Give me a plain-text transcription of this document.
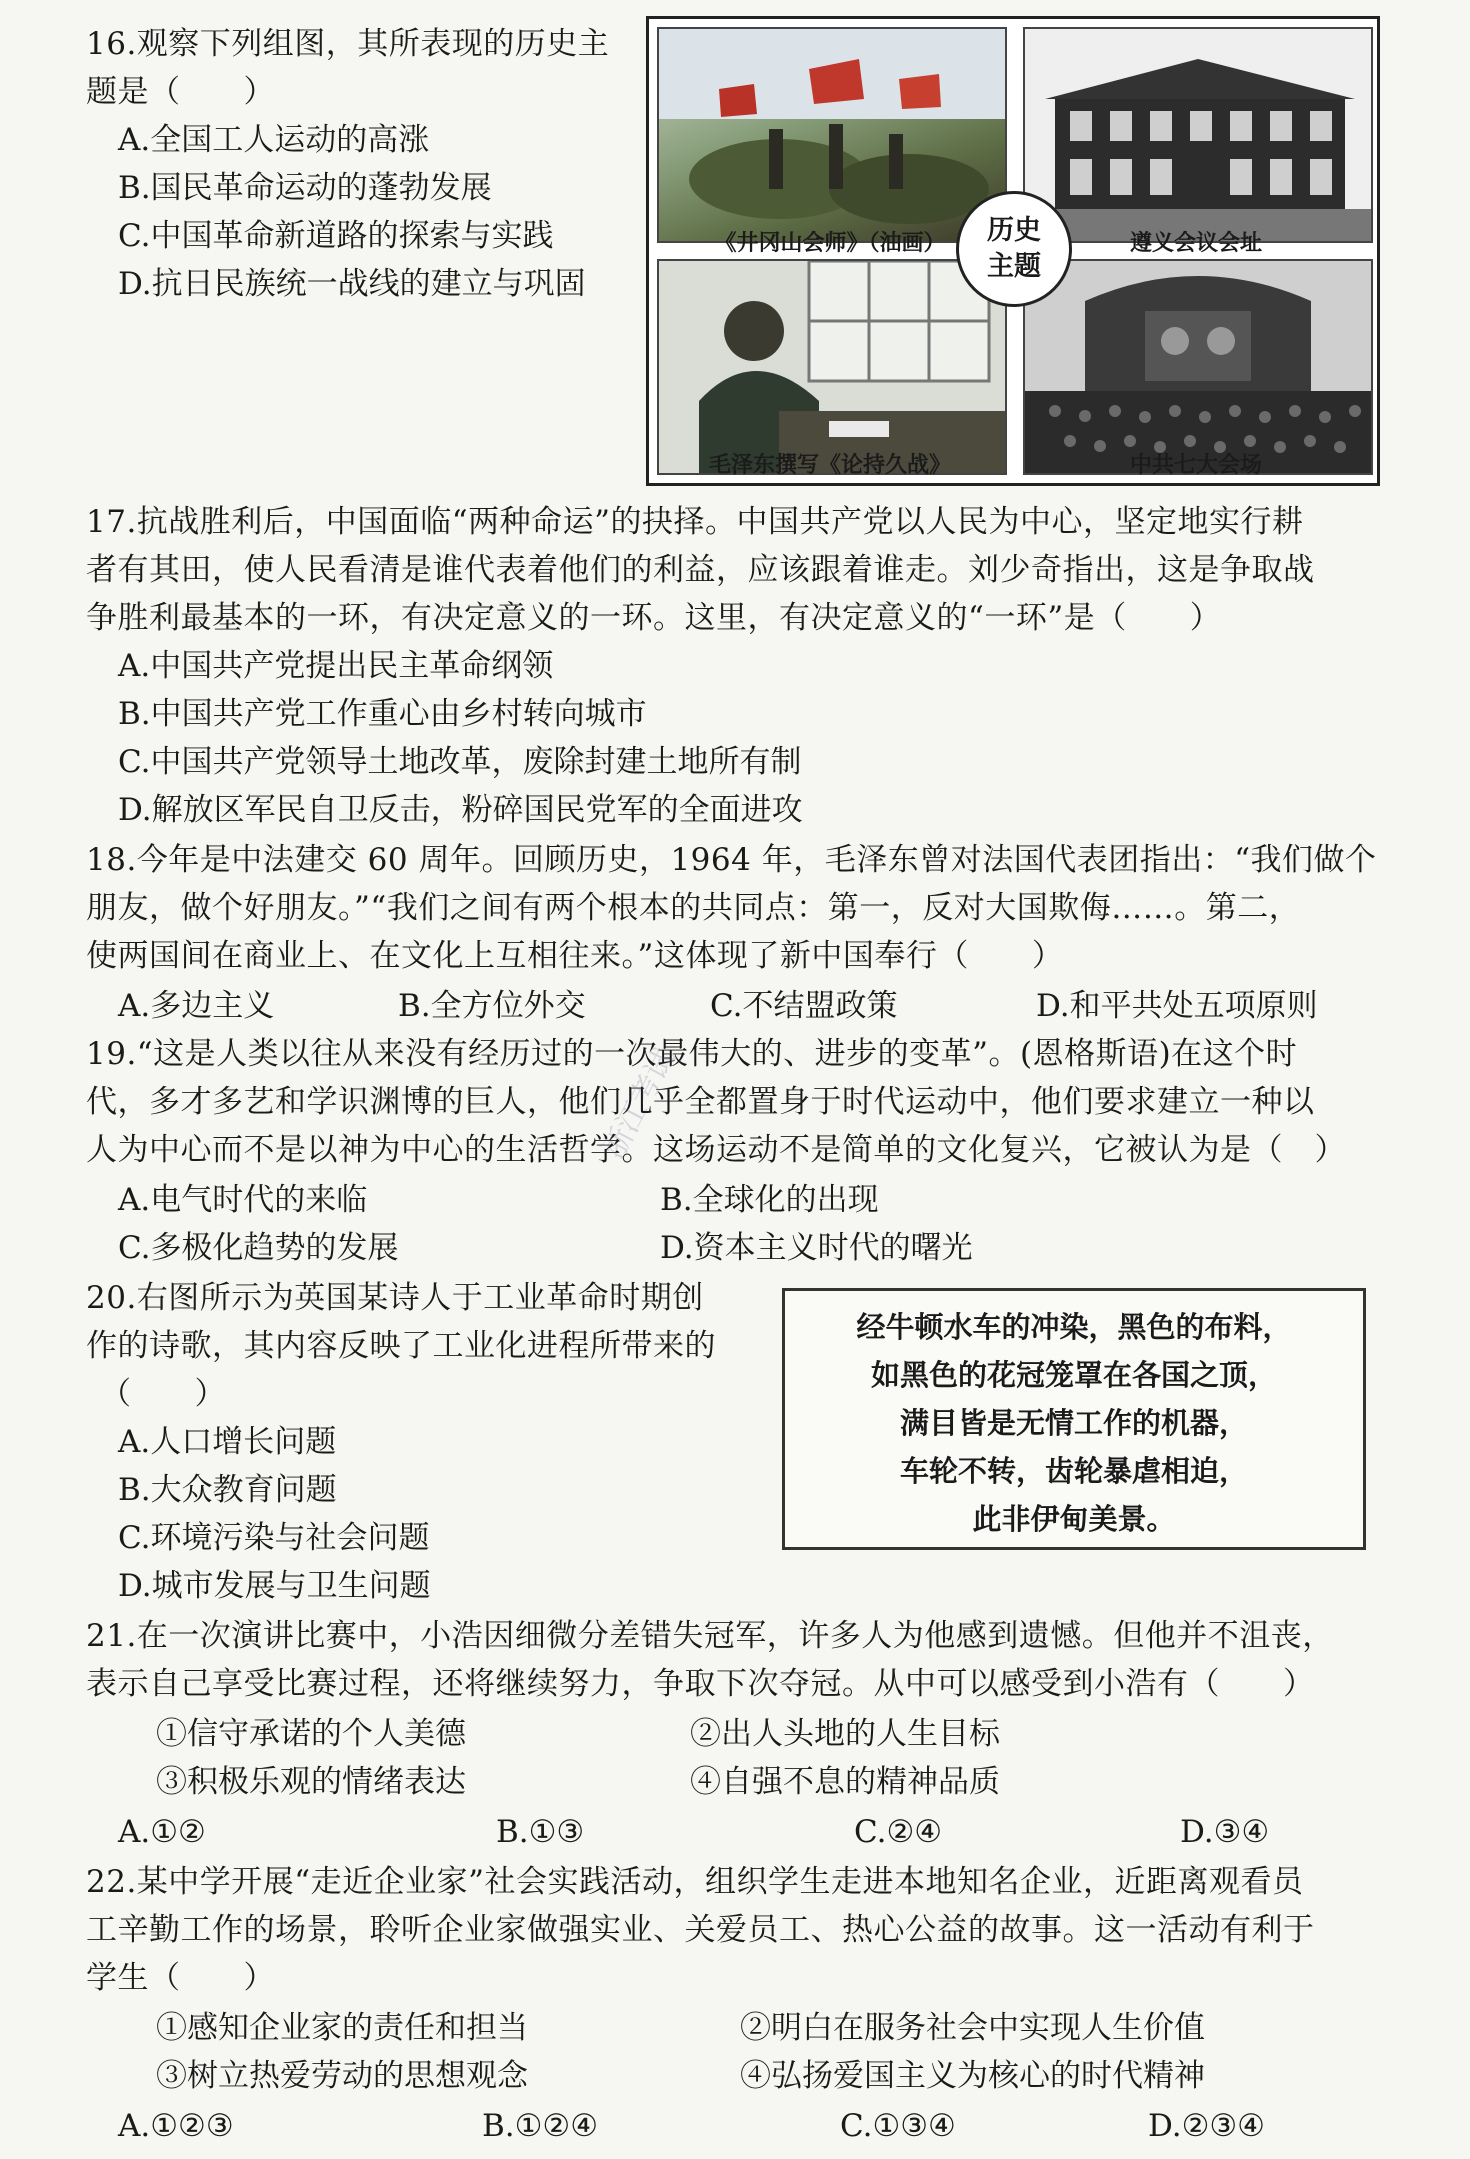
16.观察下列组图，其所表现的历史主
题是（　　）
A.全国工人运动的高涨
B.国民革命运动的蓬勃发展
C.中国革命新道路的探索与实践
D.抗日民族统一战线的建立与巩固
《井冈山会师》（油画）	遵义会议会址
毛泽东撰写《论持久战》	中共七大会场
历史
主题
17.抗战胜利后，中国面临“两种命运”的抉择。中国共产党以人民为中心，坚定地实行耕
者有其田，使人民看清是谁代表着他们的利益，应该跟着谁走。刘少奇指出，这是争取战
争胜利最基本的一环，有决定意义的一环。这里，有决定意义的“一环”是（　　）
A.中国共产党提出民主革命纲领
B.中国共产党工作重心由乡村转向城市
C.中国共产党领导土地改革，废除封建土地所有制
D.解放区军民自卫反击，粉碎国民党军的全面进攻
18.今年是中法建交 60 周年。回顾历史，1964 年，毛泽东曾对法国代表团指出：“我们做个
朋友，做个好朋友。”“我们之间有两个根本的共同点：第一，反对大国欺侮……。第二，
使两国间在商业上、在文化上互相往来。”这体现了新中国奉行（　　）
A.多边主义	B.全方位外交	C.不结盟政策	D.和平共处五项原则
19.“这是人类以往从来没有经历过的一次最伟大的、进步的变革”。(恩格斯语)在这个时
代，多才多艺和学识渊博的巨人，他们几乎全都置身于时代运动中，他们要求建立一种以
人为中心而不是以神为中心的生活哲学。这场运动不是简单的文化复兴，它被认为是（　）
A.电气时代的来临	B.全球化的出现
C.多极化趋势的发展	D.资本主义时代的曙光
20.右图所示为英国某诗人于工业革命时期创
作的诗歌，其内容反映了工业化进程所带来的
（　　）
A.人口增长问题
B.大众教育问题
C.环境污染与社会问题
D.城市发展与卫生问题
经牛顿水车的冲染，黑色的布料，
如黑色的花冠笼罩在各国之顶，
满目皆是无情工作的机器，
车轮不转，齿轮暴虐相迫，
此非伊甸美景。
21.在一次演讲比赛中，小浩因细微分差错失冠军，许多人为他感到遗憾。但他并不沮丧，
表示自己享受比赛过程，还将继续努力，争取下次夺冠。从中可以感受到小浩有（　　）
①信守承诺的个人美德	②出人头地的人生目标
③积极乐观的情绪表达	④自强不息的精神品质
A.①②	B.①③	C.②④	D.③④
22.某中学开展“走近企业家”社会实践活动，组织学生走进本地知名企业，近距离观看员
工辛勤工作的场景，聆听企业家做强实业、关爱员工、热心公益的故事。这一活动有利于
学生（　　）
①感知企业家的责任和担当	②明白在服务社会中实现人生价值
③树立热爱劳动的思想观念	④弘扬爱国主义为核心的时代精神
A.①②③	B.①②④	C.①③④	D.②③④
浙江考试
